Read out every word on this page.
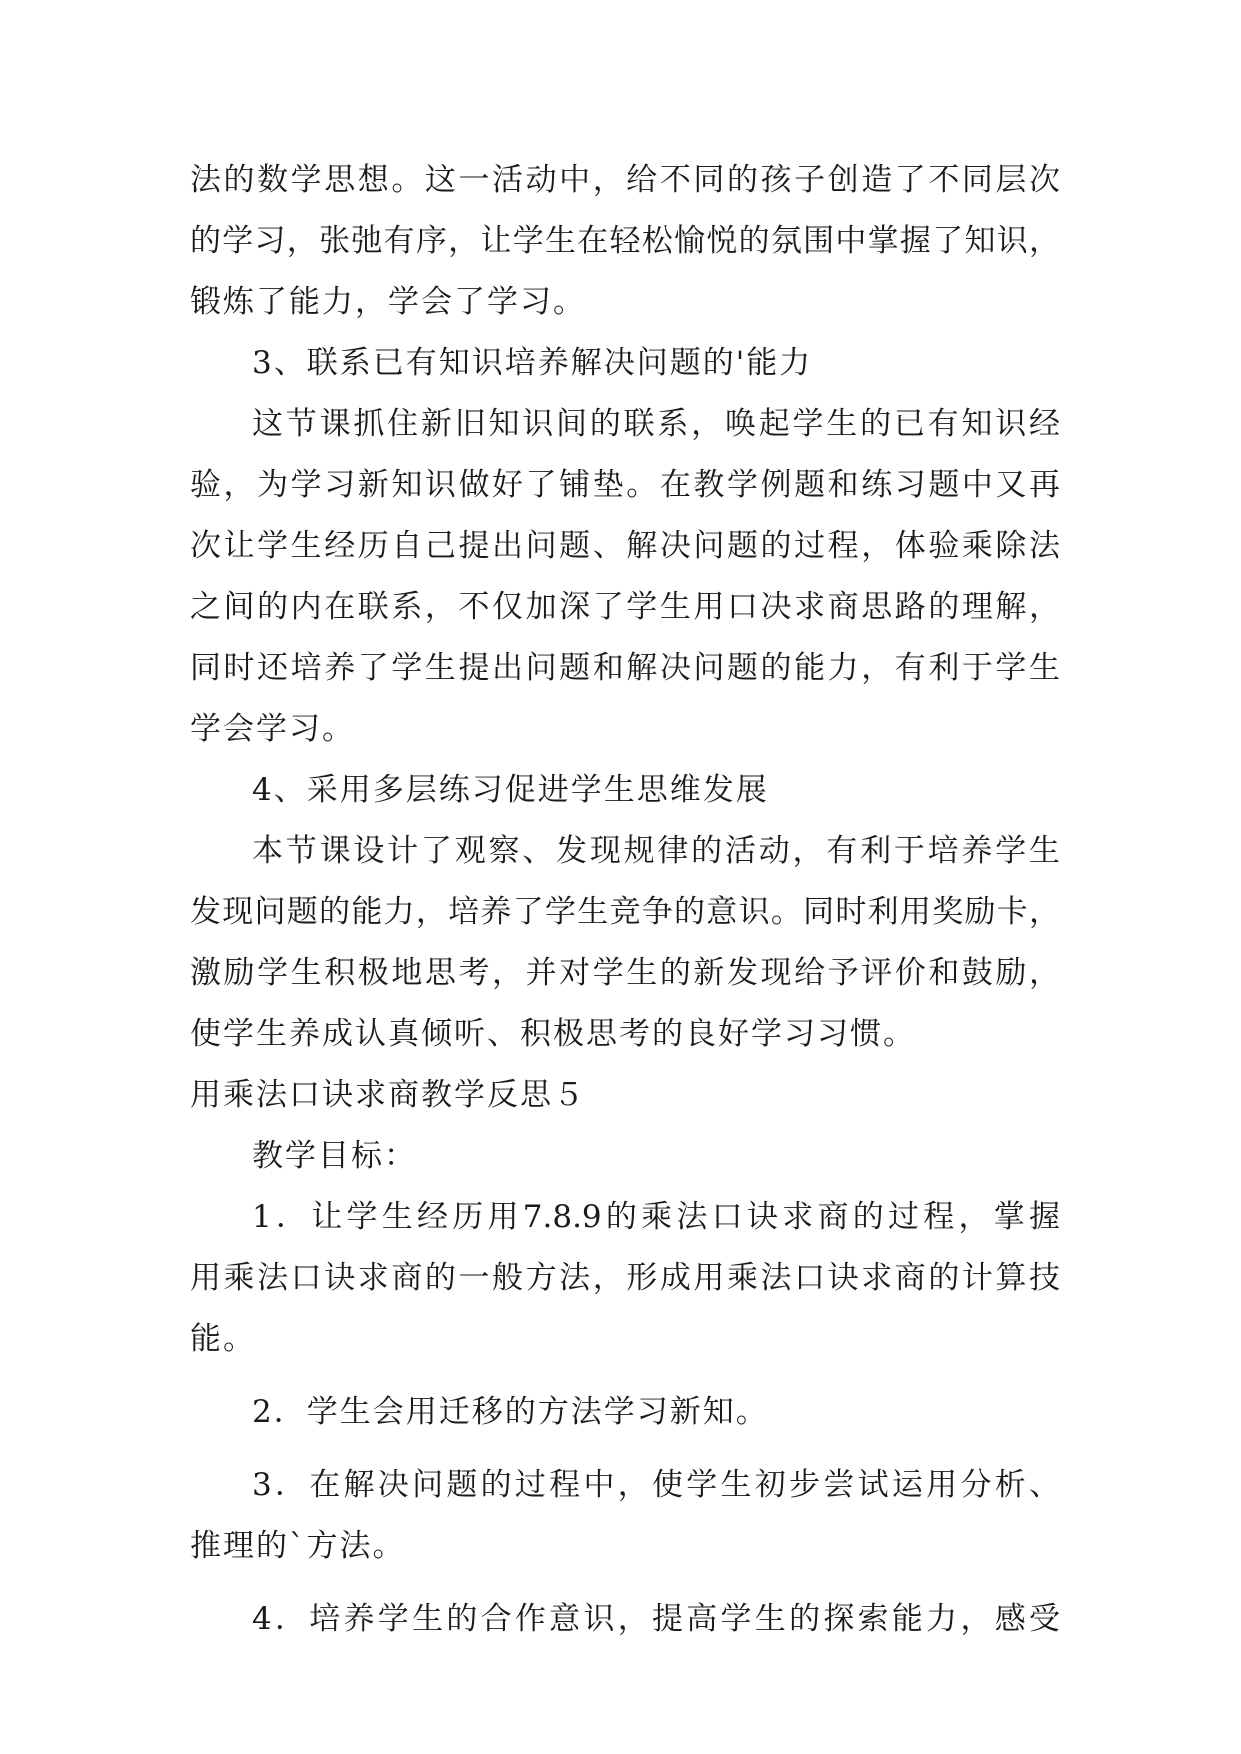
法的数学思想。这一活动中，给不同的孩子创造了不同层次
的学习，张弛有序，让学生在轻松愉悦的氛围中掌握了知识，
锻炼了能力，学会了学习。
3、联系已有知识培养解决问题的'能力
这节课抓住新旧知识间的联系，唤起学生的已有知识经
验，为学习新知识做好了铺垫。在教学例题和练习题中又再
次让学生经历自己提出问题、解决问题的过程，体验乘除法
之间的内在联系，不仅加深了学生用口决求商思路的理解，
同时还培养了学生提出问题和解决问题的能力，有利于学生
学会学习。
4、采用多层练习促进学生思维发展
本节课设计了观察、发现规律的活动，有利于培养学生
发现问题的能力，培养了学生竞争的意识。同时利用奖励卡，
激励学生积极地思考，并对学生的新发现给予评价和鼓励，
使学生养成认真倾听、积极思考的良好学习习惯。
用乘法口诀求商教学反思５
教学目标：
1．让学生经历用7.8.9的乘法口诀求商的过程，掌握
用乘法口诀求商的一般方法，形成用乘法口诀求商的计算技
能。
2．学生会用迁移的方法学习新知。
3．在解决问题的过程中，使学生初步尝试运用分析、
推理的`方法。
4．培养学生的合作意识，提高学生的探索能力，感受
